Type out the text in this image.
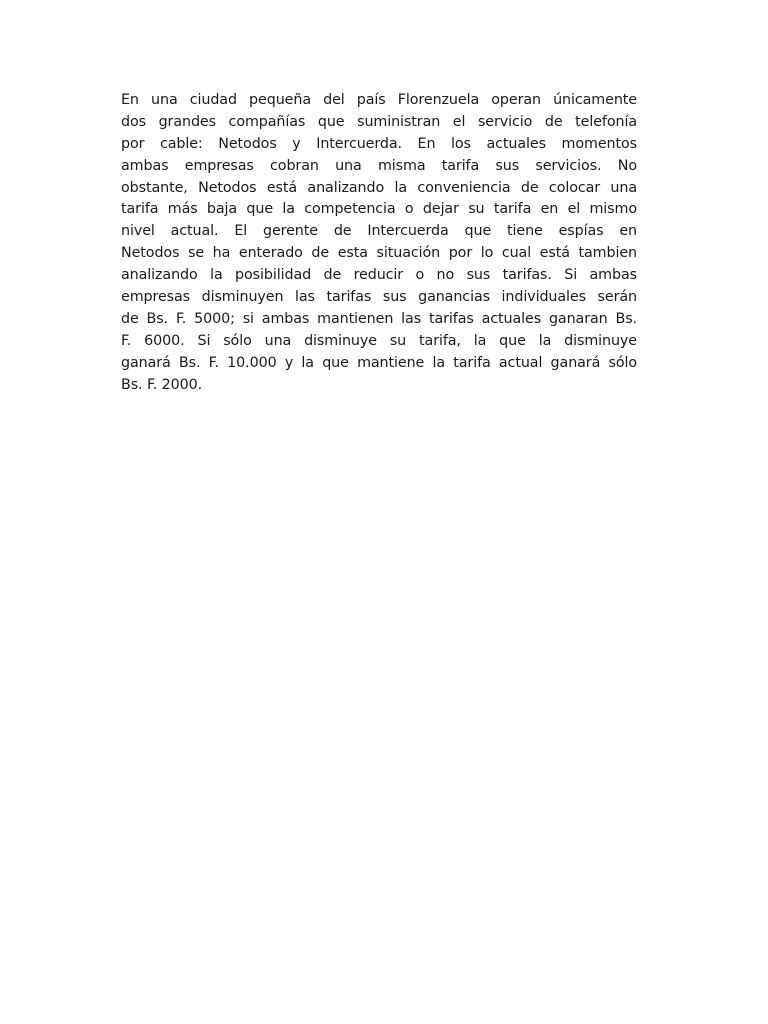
En una ciudad pequeña del país Florenzuela operan únicamente
dos grandes compañías que suministran el servicio de telefonía
por cable: Netodos y Intercuerda. En los actuales momentos
ambas empresas cobran una misma tarifa sus servicios. No
obstante, Netodos está analizando la conveniencia de colocar una
tarifa más baja que la competencia o dejar su tarifa en el mismo
nivel actual. El gerente de Intercuerda que tiene espías en
Netodos se ha enterado de esta situación por lo cual está tambien
analizando la posibilidad de reducir o no sus tarifas. Si ambas
empresas disminuyen las tarifas sus ganancias individuales serán
de Bs. F. 5000; si ambas mantienen las tarifas actuales ganaran Bs.
F. 6000. Si sólo una disminuye su tarifa, la que la disminuye
ganará Bs. F. 10.000 y la que mantiene la tarifa actual ganará sólo
Bs. F. 2000.
